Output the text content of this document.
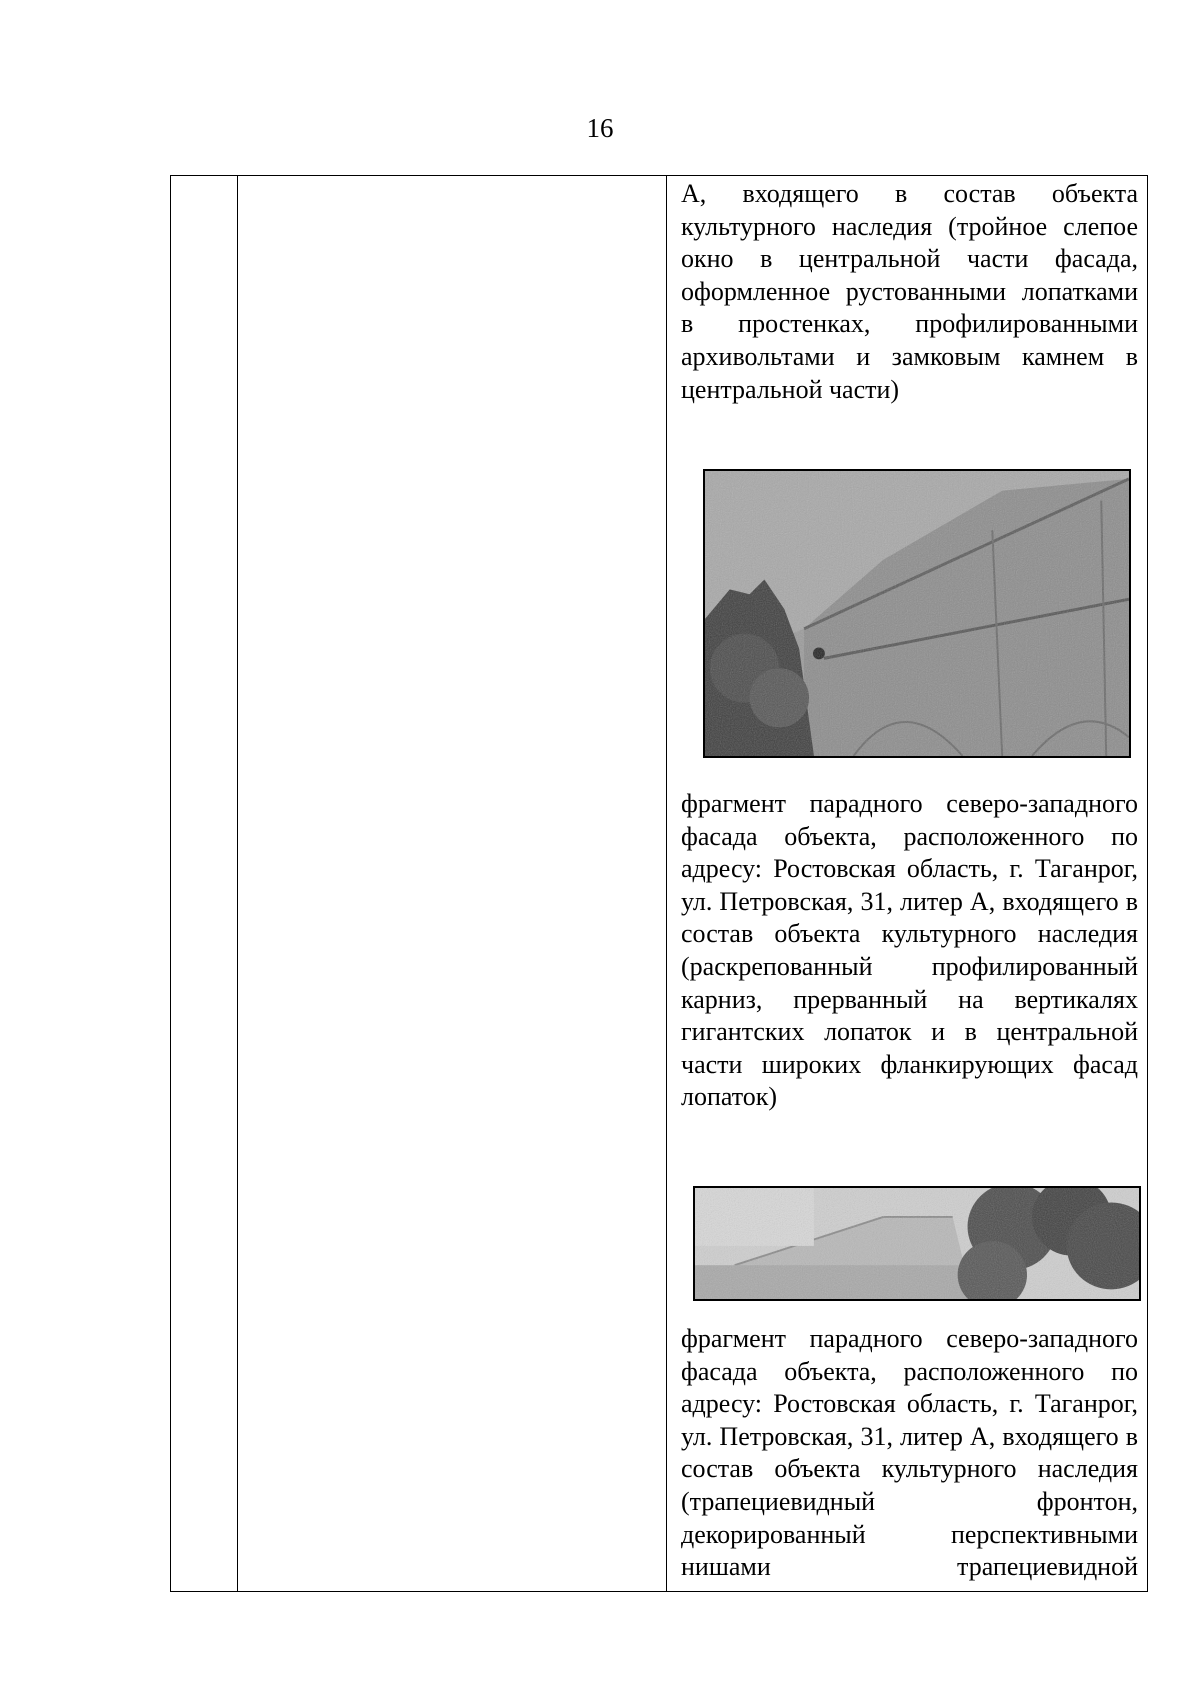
16
А, входящего в состав объекта культурного наследия (тройное слепое окно в центральной части фасада, оформленное рустованными лопатками в простенках, профилированными архивольтами и замковым камнем в центральной части)
фрагмент парадного северо-западного фасада объекта, расположенного по адресу: Ростовская область, г. Таганрог, ул. Петровская, 31, литер А, входящего в состав объекта культурного наследия (раскрепованный профилированный карниз, прерванный на вертикалях гигантских лопаток и в центральной части широких фланкирующих фасад лопаток)
фрагмент парадного северо-западного фасада объекта, расположенного по адресу: Ростовская область, г. Таганрог, ул. Петровская, 31, литер А, входящего в состав объекта культурного наследия (трапециевидный фронтон, декорированный перспективными нишами трапециевидной
